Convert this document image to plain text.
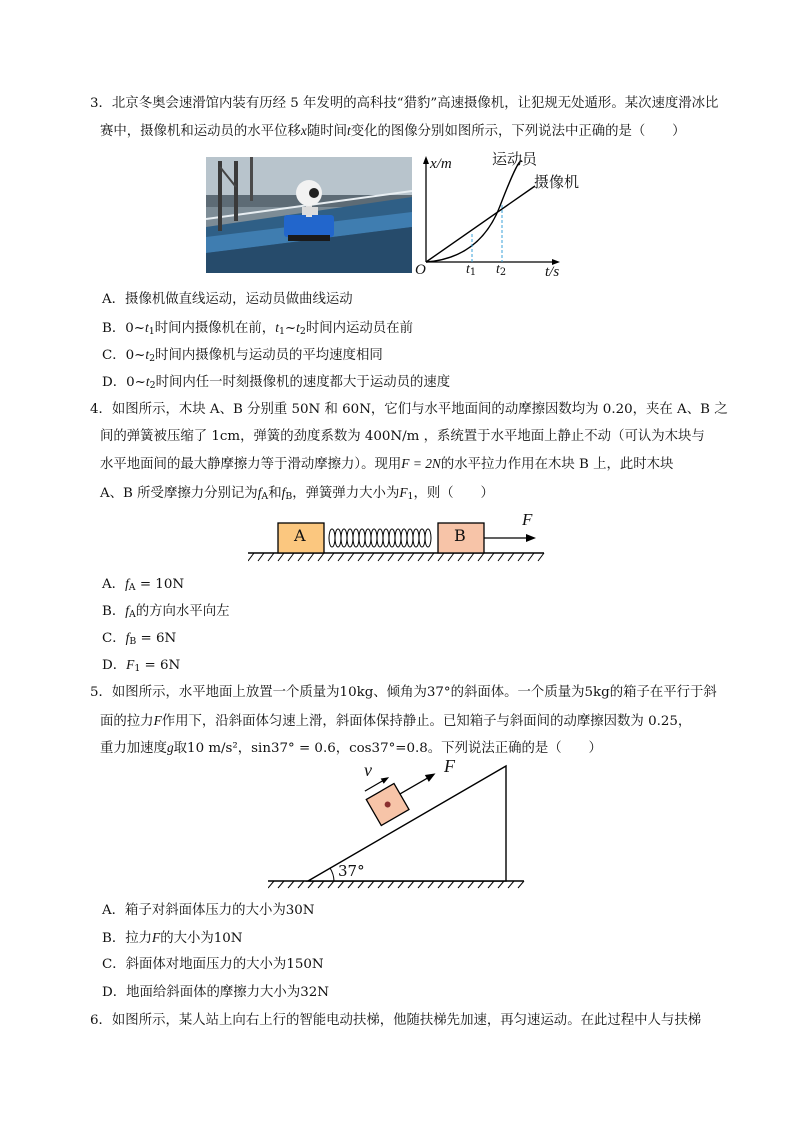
3．北京冬奥会速滑馆内装有历经 5 年发明的高科技“猎豹”高速摄像机，让犯规无处遁形。某次速度滑冰比
赛中，摄像机和运动员的水平位移x随时间t变化的图像分别如图所示，下列说法中正确的是（　　）
x/m
t/s
O	$t_1$ $t_2$
运动员
摄像机
A．摄像机做直线运动，运动员做曲线运动
B．$0\sim t_1$时间内摄像机在前，$t_1\sim t_2$时间内运动员在前
C．$0\sim t_2$时间内摄像机与运动员的平均速度相同
D．$0\sim t_2$时间内任一时刻摄像机的速度都大于运动员的速度
4．如图所示，木块 A、B 分别重 50N 和 60N，它们与水平地面间的动摩擦因数均为 0.20，夹在 A、B 之
间的弹簧被压缩了 1cm，弹簧的劲度系数为 400N/m ，系统置于水平地面上静止不动（可认为木块与
水平地面间的最大静摩擦力等于滑动摩擦力）。现用F = 2N的水平拉力作用在木块 B 上，此时木块
A、B 所受摩擦力分别记为$f_A$和$f_B$，弹簧弹力大小为$F_1$，则（　　）
A	B
F
A．$f_A = 10N$
B．$f_A$的方向水平向左
C．$f_B = 6N$
D．$F_1 = 6N$
5．如图所示，水平地面上放置一个质量为10kg、倾角为37°的斜面体。一个质量为5kg的箱子在平行于斜
面的拉力F作用下，沿斜面体匀速上滑，斜面体保持静止。已知箱子与斜面间的动摩擦因数为 0.25，
重力加速度g取10 m/s²，sin37° = 0.6，cos37°=0.8。下列说法正确的是（　　）
v	F
37°
A．箱子对斜面体压力的大小为30N
B．拉力F的大小为10N
C．斜面体对地面压力的大小为150N
D．地面给斜面体的摩擦力大小为32N
6．如图所示，某人站上向右上行的智能电动扶梯，他随扶梯先加速，再匀速运动。在此过程中人与扶梯
